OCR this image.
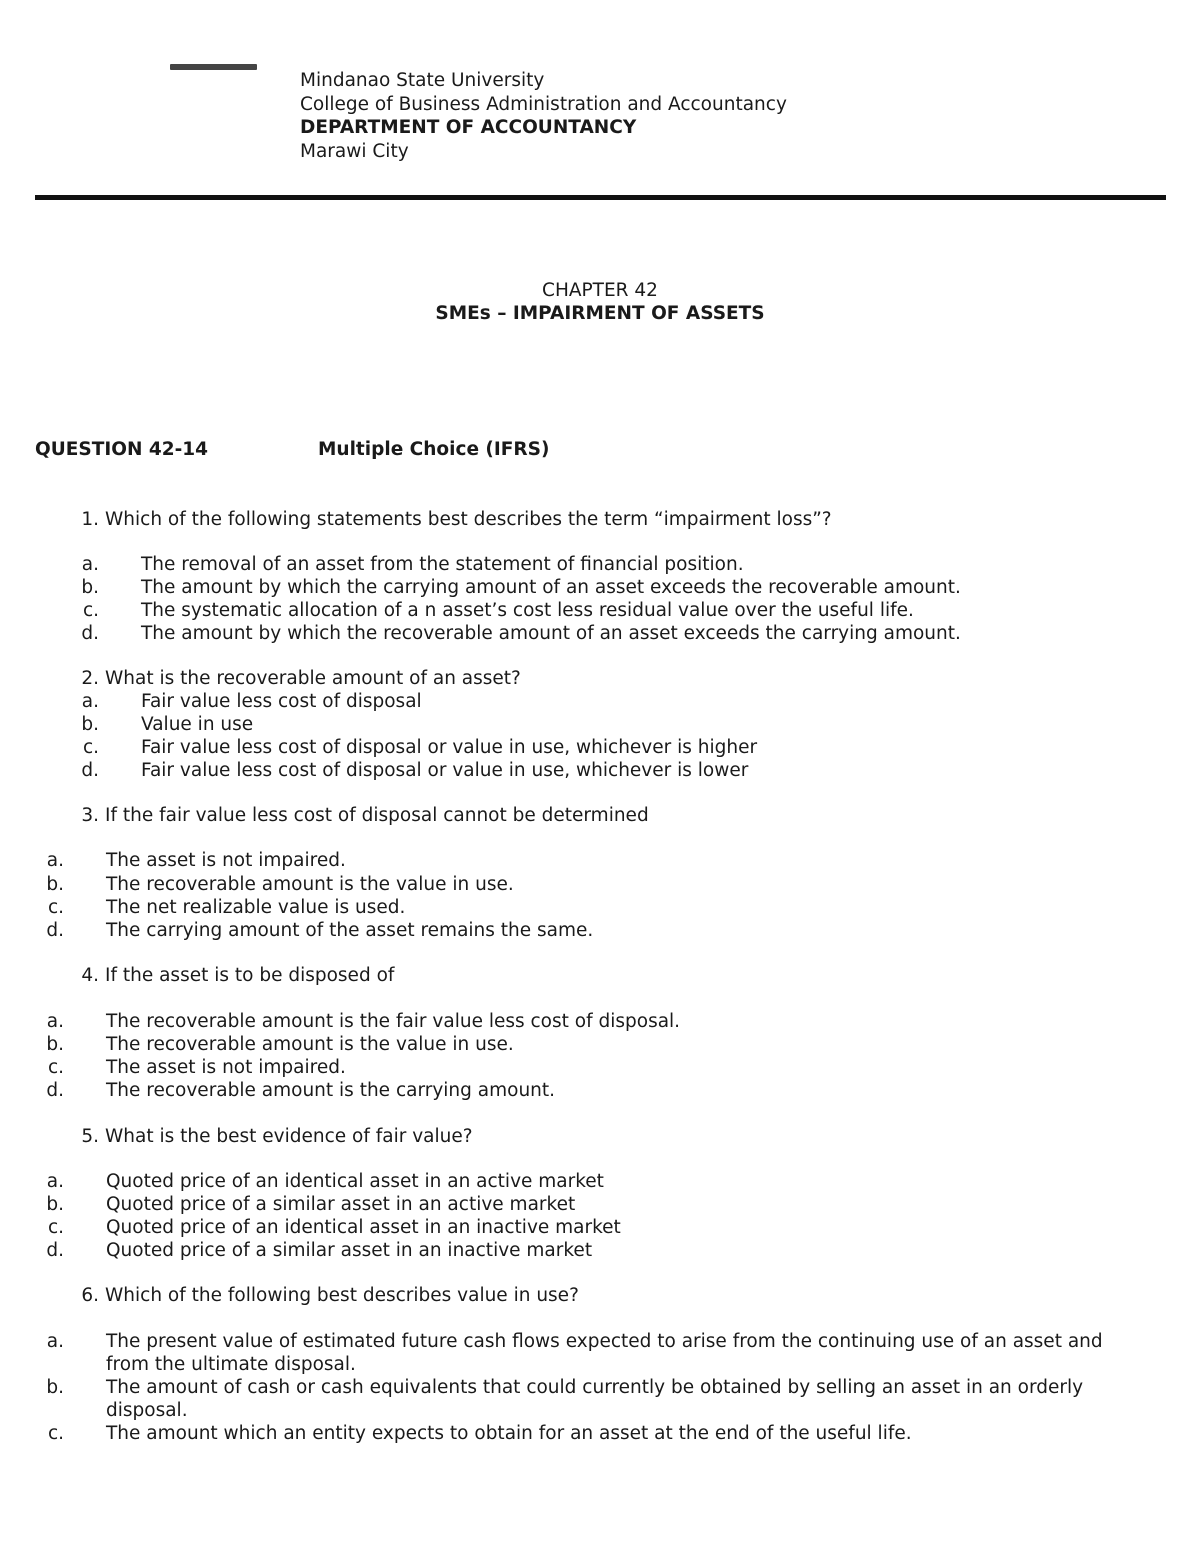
Mindanao State University
College of Business Administration and Accountancy
DEPARTMENT OF ACCOUNTANCY
Marawi City
CHAPTER 42
SMEs – IMPAIRMENT OF ASSETS
QUESTION 42-14	Multiple Choice (IFRS)
1. Which of the following statements best describes the term “impairment loss”?
a. The removal of an asset from the statement of financial position.
b. The amount by which the carrying amount of an asset exceeds the recoverable amount.
c. The systematic allocation of a n asset’s cost less residual value over the useful life.
d. The amount by which the recoverable amount of an asset exceeds the carrying amount.
2. What is the recoverable amount of an asset?
a. Fair value less cost of disposal
b. Value in use
c. Fair value less cost of disposal or value in use, whichever is higher
d. Fair value less cost of disposal or value in use, whichever is lower
3. If the fair value less cost of disposal cannot be determined
a. The asset is not impaired.
b. The recoverable amount is the value in use.
c. The net realizable value is used.
d. The carrying amount of the asset remains the same.
4. If the asset is to be disposed of
a. The recoverable amount is the fair value less cost of disposal.
b. The recoverable amount is the value in use.
c. The asset is not impaired.
d. The recoverable amount is the carrying amount.
5. What is the best evidence of fair value?
a. Quoted price of an identical asset in an active market
b. Quoted price of a similar asset in an active market
c. Quoted price of an identical asset in an inactive market
d. Quoted price of a similar asset in an inactive market
6. Which of the following best describes value in use?
a. The present value of estimated future cash flows expected to arise from the continuing use of an asset and
from the ultimate disposal.
b. The amount of cash or cash equivalents that could currently be obtained by selling an asset in an orderly
disposal.
c. The amount which an entity expects to obtain for an asset at the end of the useful life.
